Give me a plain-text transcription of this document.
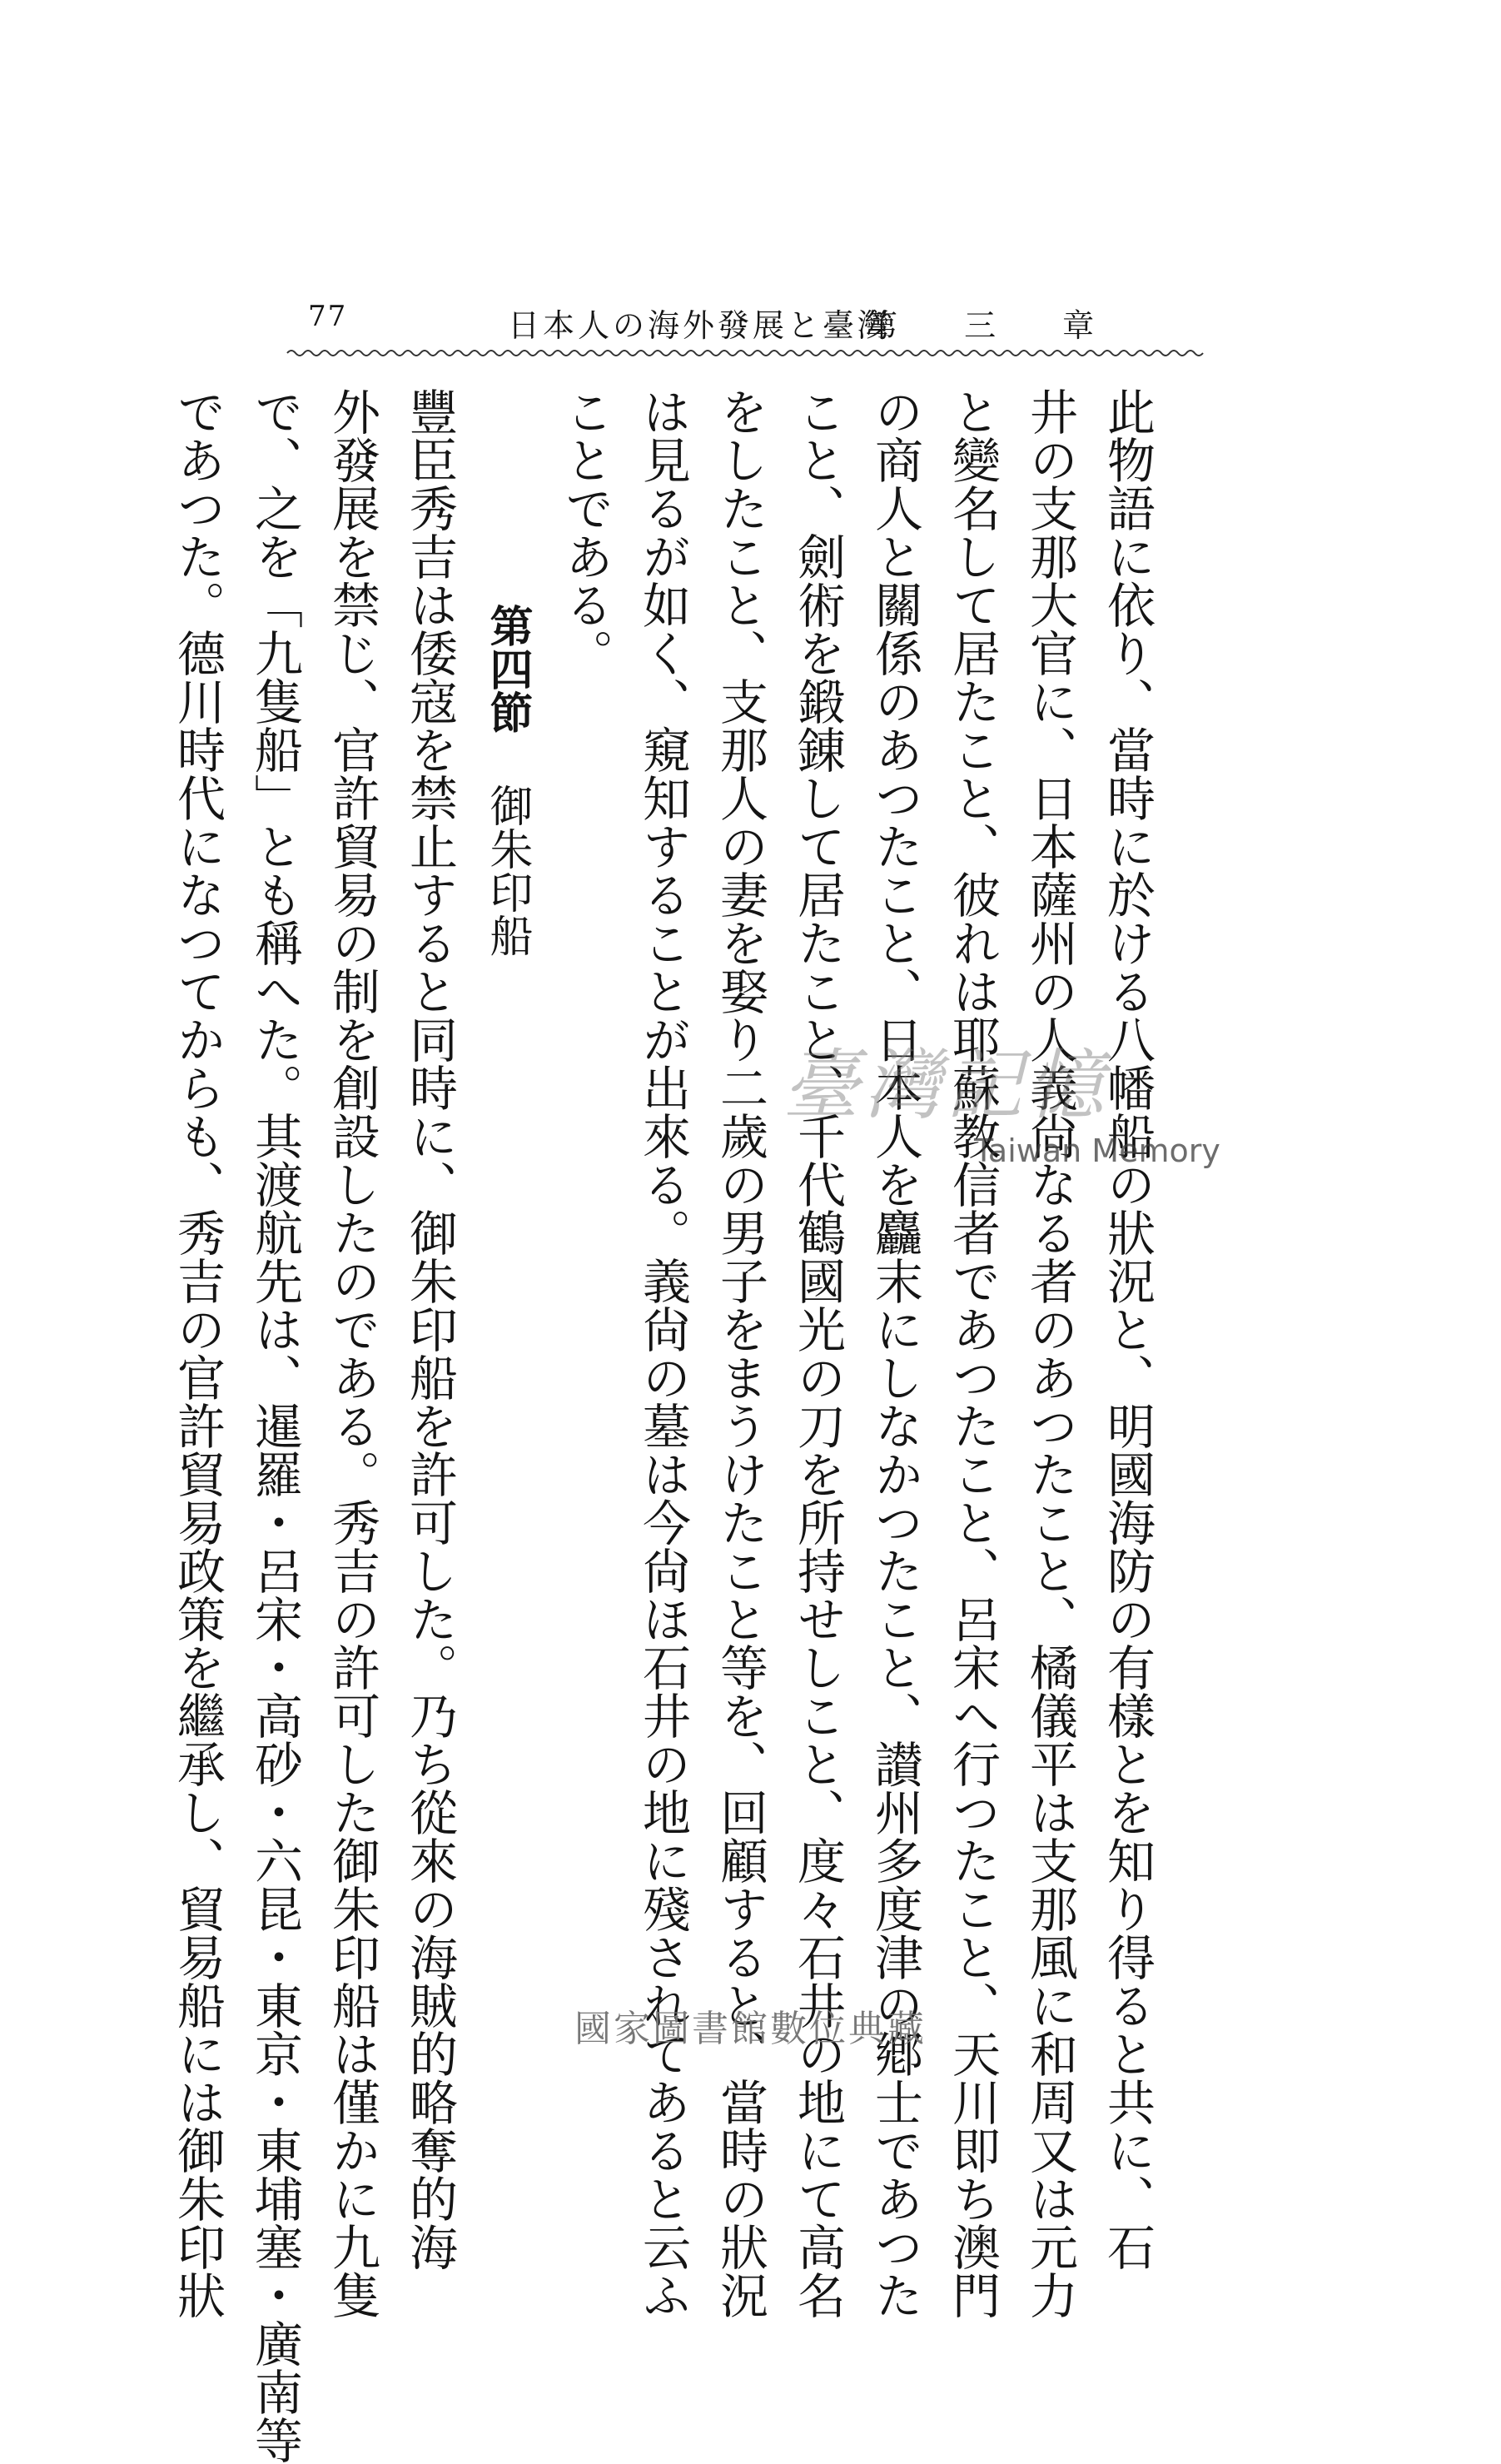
77	日本人の海外發展と臺灣
第 三 章

此物語に依り、當時に於ける八幡船の狀況と、明國海防の有樣とを知り得ると共に、石

井の支那大官に、日本薩州の人義尙なる者のあつたこと、橘儀平は支那風に和周又は元力

と變名して居たこと、彼れは耶蘇教信者であつたこと、呂宋へ行つたこと、天川即ち澳門

の商人と關係のあつたこと、日本人を麤末にしなかつたこと、讃州多度津の鄕士であつた

こと、劍術を鍛錬して居たこと、千代鶴國光の刀を所持せしこと、度々石井の地にて高名

をしたこと、支那人の妻を娶り二歲の男子をまうけたこと等を、回顧すると、當時の狀況

は見るが如く、窺知することが出來る。義尙の墓は今尙ほ石井の地に殘されてあると云ふ

ことである。

第四節御朱印船

豐臣秀吉は倭寇を禁止すると同時に、御朱印船を許可した。乃ち從來の海賊的略奪的海

外發展を禁じ、官許貿易の制を創設したのである。秀吉の許可した御朱印船は僅かに九隻

で、之を「九隻船」とも稱へた。其渡航先は、暹羅・呂宋・高砂・六昆・東京・東埔塞・廣南等

であつた。德川時代になつてからも、秀吉の官許貿易政策を繼承し、貿易船には御朱印狀	臺灣記憶
Taiwan Memory
國家圖書館數位典藏
